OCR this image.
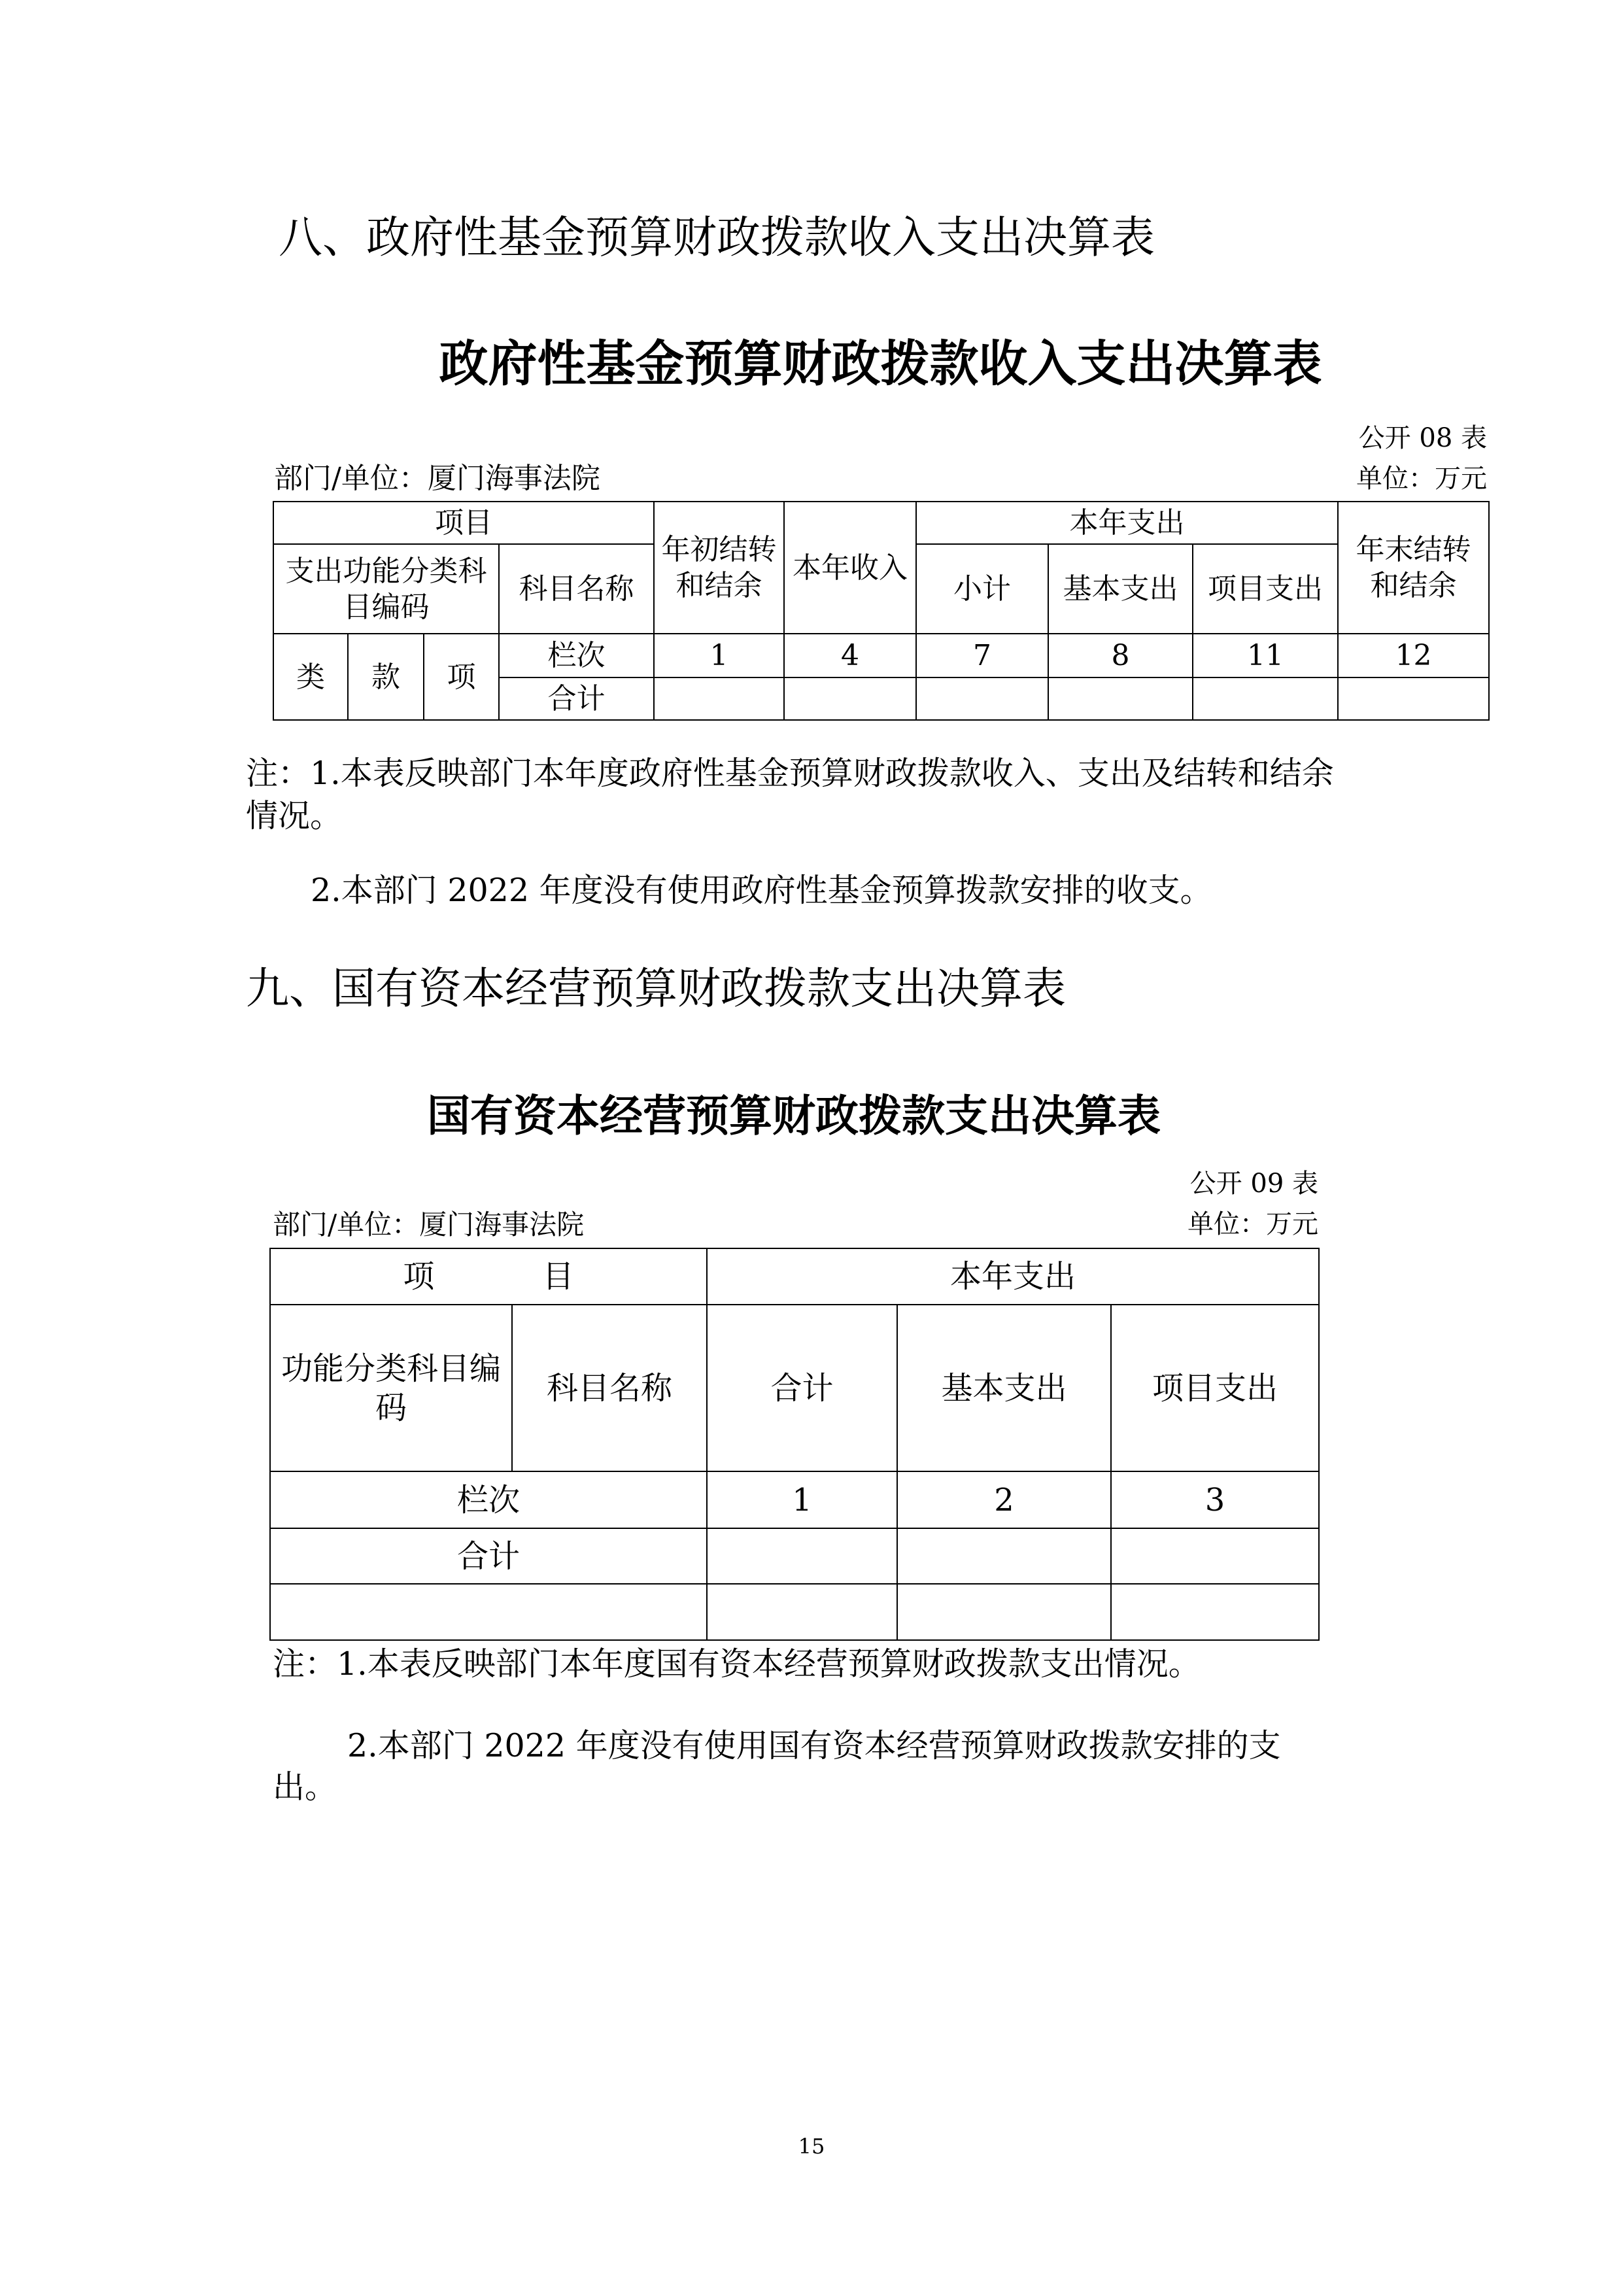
八、政府性基金预算财政拨款收入支出决算表
政府性基金预算财政拨款收入支出决算表
公开 08 表
部门/单位：厦门海事法院	单位：万元
项目				年初结转和结余	本年收入	本年支出			年末结转和结余
支出功能分类科目编码			科目名称			小计	基本支出	项目支出	
类	款	项	栏次	1	4	7	8	11	12
			合计						
注：1.本表反映部门本年度政府性基金预算财政拨款收入、支出及结转和结余
情况。
2.本部门 2022 年度没有使用政府性基金预算拨款安排的收支。
九、国有资本经营预算财政拨款支出决算表
国有资本经营预算财政拨款支出决算表
公开 09 表
部门/单位：厦门海事法院	单位：万元
项 目		本年支出		
功能分类科目编码	科目名称	合计	基本支出	项目支出
栏次		1	2	3
合计				

注：1.本表反映部门本年度国有资本经营预算财政拨款支出情况。
2.本部门 2022 年度没有使用国有资本经营预算财政拨款安排的支
出。
15
